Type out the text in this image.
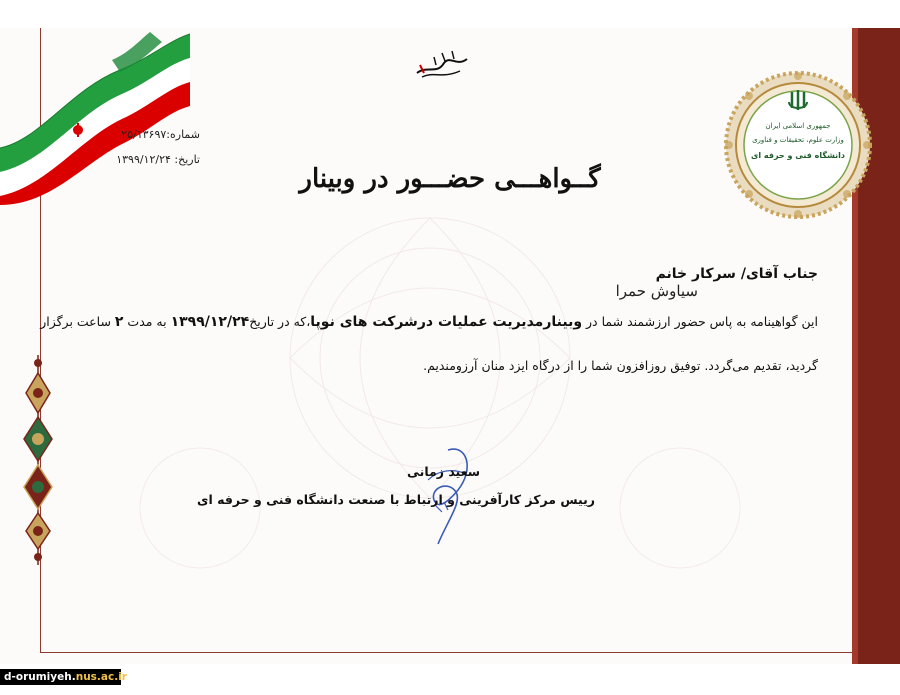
شماره:۲۵/۱۳۶۹۷
تاریخ: ۱۳۹۹/۱۲/۲۴
گــواهـــی حضـــور در وبینار
جمهوری اسلامی ایران
وزارت علوم، تحقیقات و فناوری
دانشگاه فنی و حرفه ای
جناب آقای/ سرکار خانم
سیاوش حمرا
این گواهینامه به پاس حضور ارزشمند شما در وبینارمدیریت عملیات درشرکت های نوپا،که در تاریخ۱۳۹۹/۱۲/۲۴ به مدت ۲ ساعت برگزار
گردید، تقدیم می‌گردد. توفیق روزافزون شما را از درگاه ایزد منان آرزومندیم.
سعید زمانی
رییس مرکز کارآفرینی و ارتباط با صنعت دانشگاه فنی و حرفه ای
d-orumiyeh.nus.ac.ir
